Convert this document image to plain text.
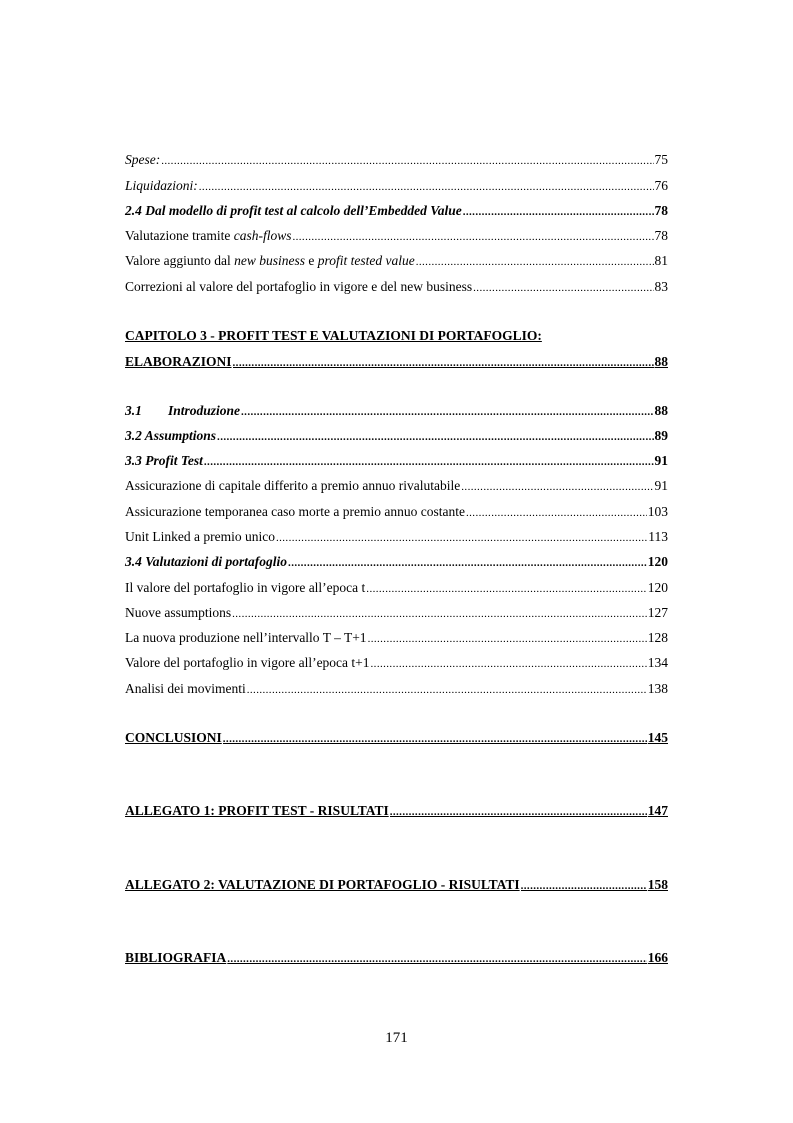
Spese: .....	75
Liquidazioni: .....	76
2.4 Dal modello di profit test al calcolo dell’Embedded Value .....	78
Valutazione tramite cash-flows .....	78
Valore aggiunto dal new business e profit tested value .....	81
Correzioni al valore del portafoglio in vigore e del new business .....	83
CAPITOLO 3 - PROFIT TEST E VALUTAZIONI DI PORTAFOGLIO:
ELABORAZIONI .....	88
3.1 Introduzione .....	88
3.2 Assumptions .....	89
3.3 Profit Test .....	91
Assicurazione di capitale differito a premio annuo rivalutabile .....	91
Assicurazione temporanea caso morte a premio annuo costante .....	103
Unit Linked a premio unico .....	113
3.4 Valutazioni di portafoglio .....	120
Il valore del portafoglio in vigore all’epoca t .....	120
Nuove assumptions .....	127
La nuova produzione nell’intervallo T – T+1 .....	128
Valore del portafoglio in vigore all’epoca t+1 .....	134
Analisi dei movimenti .....	138
CONCLUSIONI .....	145
ALLEGATO 1: PROFIT TEST - RISULTATI .....	147
ALLEGATO 2: VALUTAZIONE DI PORTAFOGLIO - RISULTATI .....	158
BIBLIOGRAFIA .....	166
171
